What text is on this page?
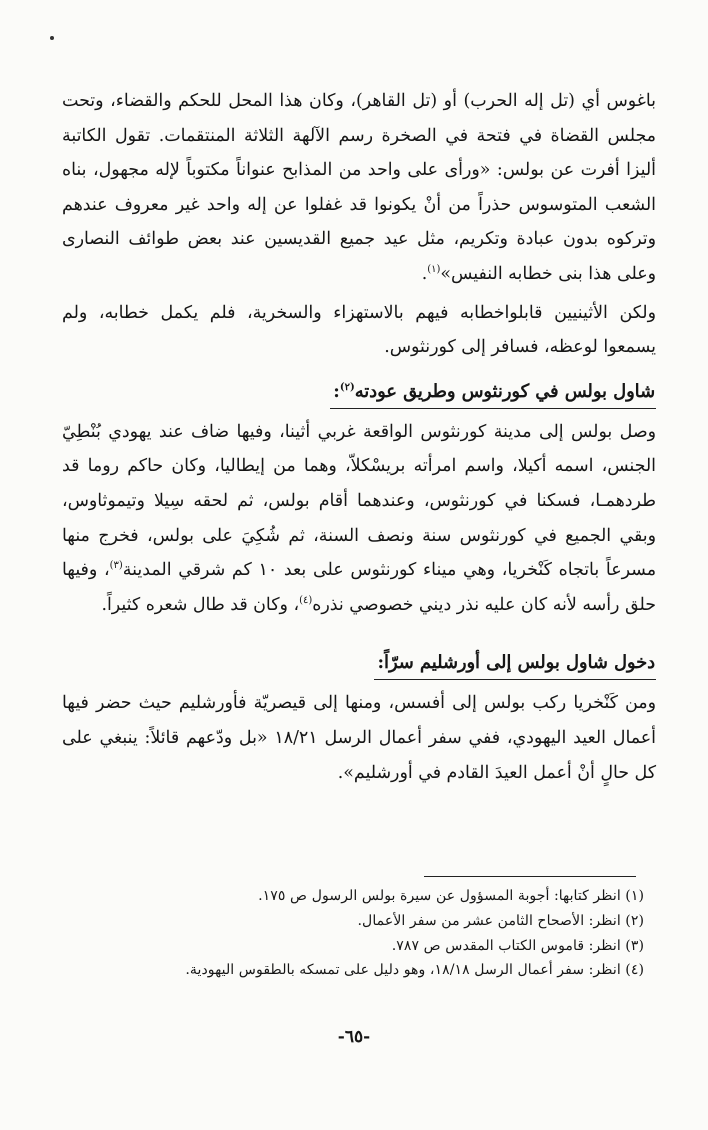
باغوس أي (تل إله الحرب) أو (تل القاهر)، وكان هذا المحل للحكم والقضاء، وتحت مجلس القضاة في فتحة في الصخرة رسم الآلهة الثلاثة المنتقمات. تقول الكاتبة أليزا أفرت عن بولس: «ورأى على واحد من المذابح عنواناً مكتوباً لإله مجهول، بناه الشعب المتوسوس حذراً من أنْ يكونوا قد غفلوا عن إله واحد غير معروف عندهم وتركوه بدون عبادة وتكريم، مثل عيد جميع القديسين عند بعض طوائف النصارى وعلى هذا بنى خطابه النفيس»$^{(١)}$.

ولكن الأثينيين قابلواخطابه فيهم بالاستهزاء والسخرية، فلم يكمل خطابه، ولم يسمعوا لوعظه، فسافر إلى كورنثوس.

شاول بولس في كورنثوس وطريق عودته$^{(٢)}$:

وصل بولس إلى مدينة كورنثوس الواقعة غربي أثينا، وفيها ضاف عند يهودي بُنْطِيّ الجنس، اسمه أكيلا، واسم امرأته بريسْكلاّ، وهما من إيطاليا، وكان حاكم روما قد طردهمـا، فسكنا في كورنثوس، وعندهما أقام بولس، ثم لحقه سِيلا وتيموثاوس، وبقي الجميع في كورنثوس سنة ونصف السنة، ثم شُكِيَ على بولس، فخرج منها مسرعاً باتجاه كَنْخريا، وهي ميناء كورنثوس على بعد ١٠ كم شرقي المدينة$^{(٣)}$، وفيها حلق رأسه لأنه كان عليه نذر ديني خصوصي نذره$^{(٤)}$، وكان قد طال شعره كثيراً.

دخول شاول بولس إلى أورشليم سرّاً:

ومن كَنْخريا ركب بولس إلى أفسس، ومنها إلى قيصريّة فأورشليم حيث حضر فيها أعمال العيد اليهودي، ففي سفر أعمال الرسل ١٨/٢١ «بل ودّعهم قائلاً: ينبغي على كل حالٍ أنْ أعمل العيدَ القادم في أورشليم».

(١) انظر كتابها: أجوبة المسؤول عن سيرة بولس الرسول ص ١٧٥.
(٢) انظر: الأصحاح الثامن عشر من سفر الأعمال.
(٣) انظر: قاموس الكتاب المقدس ص ٧٨٧.
(٤) انظر: سفر أعمال الرسل ١٨/١٨، وهو دليل على تمسكه بالطقوس اليهودية.
-٦٥-
